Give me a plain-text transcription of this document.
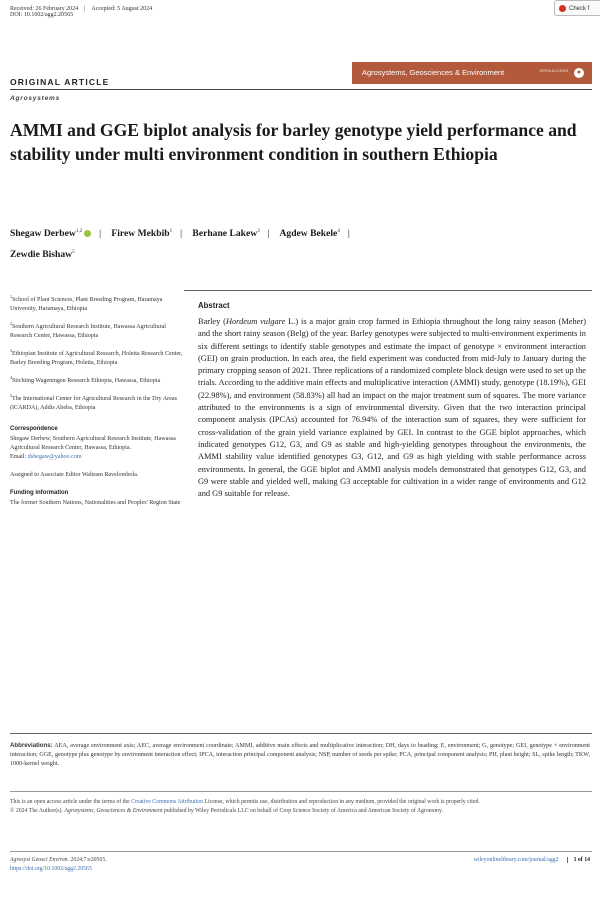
Received: 26 February 2024 | Accepted: 5 August 2024
DOI: 10.1002/agg2.20565
Check f
Agrosystems, Geosciences & Environment	OPEN ACCESS	●
ORIGINAL ARTICLE
Agrosystems
AMMI and GGE biplot analysis for barley genotype yield performance and stability under multi environment condition in southern Ethiopia
Shegaw Derbew$^{1,2}$ | Firew Mekbib$^1$ | Berhane Lakew$^3$ | Agdew Bekele$^4$ |
Zewdie Bishaw$^5$

$^1$School of Plant Sciences, Plant Breeding Program, Haramaya University, Haramaya, Ethiopia

$^2$Southern Agricultural Research Institute, Hawassa Agricultural Research Center, Hawassa, Ethiopia

$^3$Ethiopian Institute of Agricultural Research, Holetta Research Center, Barley Breeding Program, Holetta, Ethiopia

$^4$Stichting Wageningen Research Ethiopia, Hawassa, Ethiopia

$^5$The International Center for Agricultural Research in the Dry Areas (ICARDA), Addis Abeba, Ethiopia

Correspondence

Shegaw Derbew, Southern Agricultural Research Institute, Hawassa Agricultural Research Center, Hawassa, Ethiopia.
Email: dshegaw@yahoo.com

Assigned to Associate Editor Waltram Ravelombola.

Funding information

The former Southern Nations, Nationalities and Peoples' Region State

Abstract

Barley (Hordeum vulgare L.) is a major grain crop farmed in Ethiopia throughout the long rainy season (Meher) and the short rainy season (Belg) of the year. Barley genotypes were subjected to multi-environment experiments in six different settings to identify stable genotypes and estimate the impact of genotype × environment interaction (GEI) on grain production. In each area, the field experiment was conducted from mid-July to January during the primary cropping season of 2021. Three replications of a randomized complete block design were used to set up the trials. According to the additive main effects and multiplicative interaction (AMMI) study, genotype (18.19%), GEI (22.98%), and environment (58.83%) all had an impact on the major treatment sum of squares. The more variance attributed to the environments is a sign of environmental diversity. Given that the two interaction principal component analysis (IPCAs) accounted for 76.94% of the interaction sum of squares, they were sufficient for cross-validation of the grain yield variance explained by GEI. In contrast to the GGE biplot approaches, which indicated genotypes G12, G3, and G9 as stable and high-yielding genotypes throughout the environments, the AMMI stability value identified genotypes G3, G12, and G9 as high yielding with stable performance across environments. In general, the GGE biplot and AMMI analysis models demonstrated that genotypes G12, G3, and G9 were stable and yielded well, making G3 acceptable for cultivation in a wider range of environments and G12 and G9 suitable for release.

Abbreviations: AEA, average environment axis; AEC, average environment coordinate; AMMI, additive main effects and multiplicative interaction; DH, days to heading; E, environment; G, genotype; GEI, genotype × environment interaction; GGE, genotype plus genotype by environment interaction effect; IPCA, interaction principal component analysis; NSP, number of seeds per spike; PCA, principal component analysis; PH, plant height; SL, spike length; TKW, 1000-kernel weight.
This is an open access article under the terms of the Creative Commons Attribution License, which permits use, distribution and reproduction in any medium, provided the original work is properly cited.
© 2024 The Author(s). Agrosystems, Geosciences & Environment published by Wiley Periodicals LLC on behalf of Crop Science Society of America and American Society of Agronomy.
Agrosyst Geosci Environ. 2024;7:e20565.
https://doi.org/10.1002/agg2.20565
wileyonlinelibrary.com/journal/agg2	1 of 14
